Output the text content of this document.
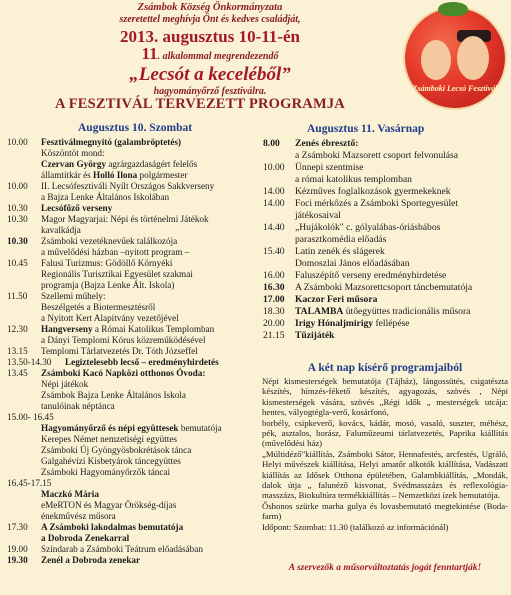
Zsámbok Község Önkormányzata
szeretettel meghívja Önt és kedves családját,
2013. augusztus 10-11-én
11. alkalommal megrendezendő
„Lecsót a keceléből”
hagyományőrző fesztiválra.	Zsámboki Lecsó Fesztivál
A FESZTIVÁL TERVEZETT PROGRAMJA
Augusztus 10. Szombat
10.00	Fesztiválmegnyitó (galambröptetés)
Köszöntöt mond:
Czervan György agrárgazdaságért felelős
államtitkár és Holló Ilona polgármester
10.00	II. Lecsófesztiváli Nyílt Országos Sakkverseny
a Bajza Lenke Általános Iskolában
10.30	Lecsófőző verseny
10.30	Magor Magyarjai: Népi és történelmi Játékok
kavalkádja
10.30	Zsámboki vezetéknevűek találkozója
a művelődési házban –nyitott program –
10.45	Falusi Turizmus: Gödöllő Környéki
Regionális Turisztikai Egyesület szakmai
programja (Bajza Lenke Ált. Iskola)
11.50	Szellemi műhely:
Beszélgetés a Biotermesztésről
a Nyitott Kert Alapítvány vezetőjével
12.30	Hangverseny a Római Katolikus Templomban
a Dányi Templomi Kórus közreműködésével
13.15	Templomi Tárlatvezetés Dr. Tóth Józseffel
13.50-14.30	Legiztelesebb lecső – eredményhirdetés
13.45	Zsámboki Kacó Napközi otthonos Óvoda:
Népi játékok
Zsámbok Bajza Lenke Általános Iskola
tanulóinak néptánca
15.00- 16.45
Hagyományőrző és népi együttesek bemutatója
Kerepes Német nemzetiségi együttes
Zsámboki Új Gyöngyösbokrétások tánca
Galgahévízi Kisbetyárok táncegyüttes
Zsámboki Hagyományőrzők táncai
16.45-17.15
Maczkó Mária
eMeRTON és Magyar Örökség-díjas
énekművész műsora
17.30	A Zsámboki lakodalmas bemutatója
a Dobroda Zenekarral
19.00	Színdarab a Zsámboki Teátrum előadásában
19.30	Zenél a Dobroda zenekar
Augusztus 11. Vasárnap
8.00	Zenés ébresztő:
a Zsámboki Mazsorett csoport felvonulása
10.00	Ünnepi szentmise
a római katolikus templomban
14.00	Kézműves foglalkozások gyermekeknek
14.00	Foci mérkőzés a Zsámboki Sportegyesület
játékosaival
14.40	„Hujákolók" c. gólyalábas-óriásbábos
parasztkomédia előadás
15.40	Latin zenék és slágerek
Domoszlai János előadásában
16.00	Faluszépítő verseny eredményhirdetése
16.30	A Zsámboki Mazsorettcsoport táncbemutatója
17.00	Kaczor Feri műsora
18.30	TALAMBA ütőegyüttes tradicionális műsora
20.00	Irigy Hónaljmirigy fellépése
21.15	Tűzijáték
A két nap kísérő programjaiból

Népi kismesterségek bemutatója (Tájház), lángossütés, csigatészta készítés, hímzés-fékető készítés, agyagozás, szövés , Népi kismesterségek vására, szövés „Régi idők „ mesterségek utcája: hentes, vályogtégla-verő, kosárfonó,

borbély, csipkeverő, kovács, kádár, mosó, vasaló, suszter, méhész, pék, asztalos, borász, Faluműzeumi tárlatvezetés, Paprika kiállítás (művelődési ház)

„Múltidéző"kiállítás, Zsámboki Sátor, Hennafestés, arcfestés, Ugráló, Helyi művészek kiállítása, Helyi amatőr alkotók kiállítása, Vadászati kiállítás az Idősek Otthona épületében, Galambkiállítás, „Mondák, dalok útja „ falunéző kisvonat, Svédmasszázs és reflexológia-masszázs, Biokultúra termékkiállítás – Nemzetközi ízek bemutatója.

Őshonos szürke marha gulya és lovasbemutató megtekintése (Boda-farm)

Időpont: Szombat: 11.30 (találkozó az információnál)

A szervezők a műsorváltoztatás jogát fenntartják!
